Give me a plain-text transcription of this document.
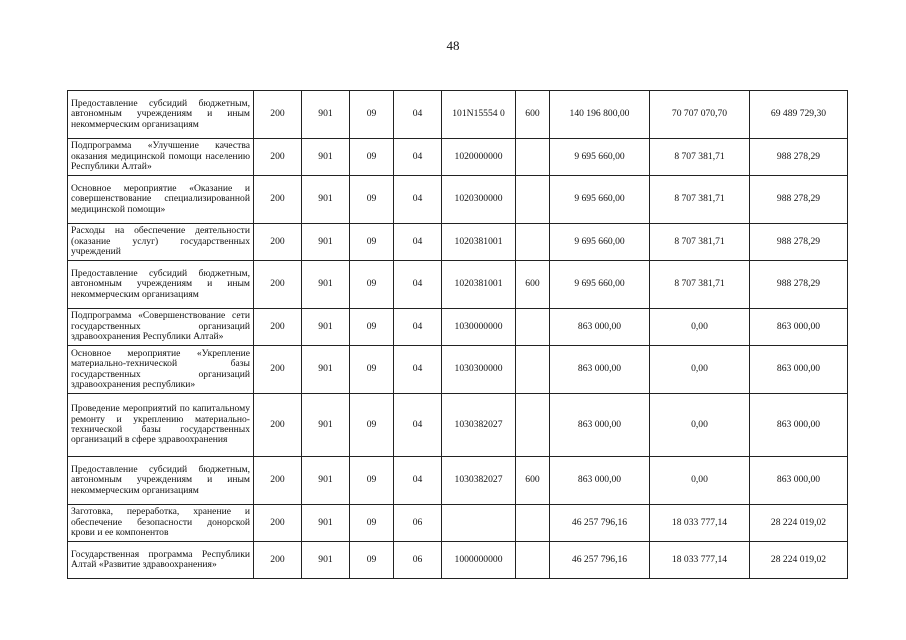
48
Предоставление субсидий бюджетным, автономным учреждениям и иным некоммерческим организациям	200	901	09	04	101N15554 0	600	140 196 800,00	70 707 070,70	69 489 729,30
Подпрограмма «Улучшение качества оказания медицинской помощи населению Республики Алтай»	200	901	09	04	1020000000		9 695 660,00	8 707 381,71	988 278,29
Основное мероприятие «Оказание и совершенствование специализированной медицинской помощи»	200	901	09	04	1020300000		9 695 660,00	8 707 381,71	988 278,29
Расходы на обеспечение деятельности (оказание услуг) государственных учреждений	200	901	09	04	1020381001		9 695 660,00	8 707 381,71	988 278,29
Предоставление субсидий бюджетным, автономным учреждениям и иным некоммерческим организациям	200	901	09	04	1020381001	600	9 695 660,00	8 707 381,71	988 278,29
Подпрограмма «Совершенствование сети государственных организаций здравоохранения Республики Алтай»	200	901	09	04	1030000000		863 000,00	0,00	863 000,00
Основное мероприятие «Укрепление материально-технической базы государственных организаций здравоохранения республики»	200	901	09	04	1030300000		863 000,00	0,00	863 000,00
Проведение мероприятий по капитальному ремонту и укреплению материально-технической базы государственных организаций в сфере здравоохранения	200	901	09	04	1030382027		863 000,00	0,00	863 000,00
Предоставление субсидий бюджетным, автономным учреждениям и иным некоммерческим организациям	200	901	09	04	1030382027	600	863 000,00	0,00	863 000,00
Заготовка, переработка, хранение и обеспечение безопасности донорской крови и ее компонентов	200	901	09	06			46 257 796,16	18 033 777,14	28 224 019,02
Государственная программа Республики Алтай «Развитие здравоохранения»	200	901	09	06	1000000000		46 257 796,16	18 033 777,14	28 224 019,02
